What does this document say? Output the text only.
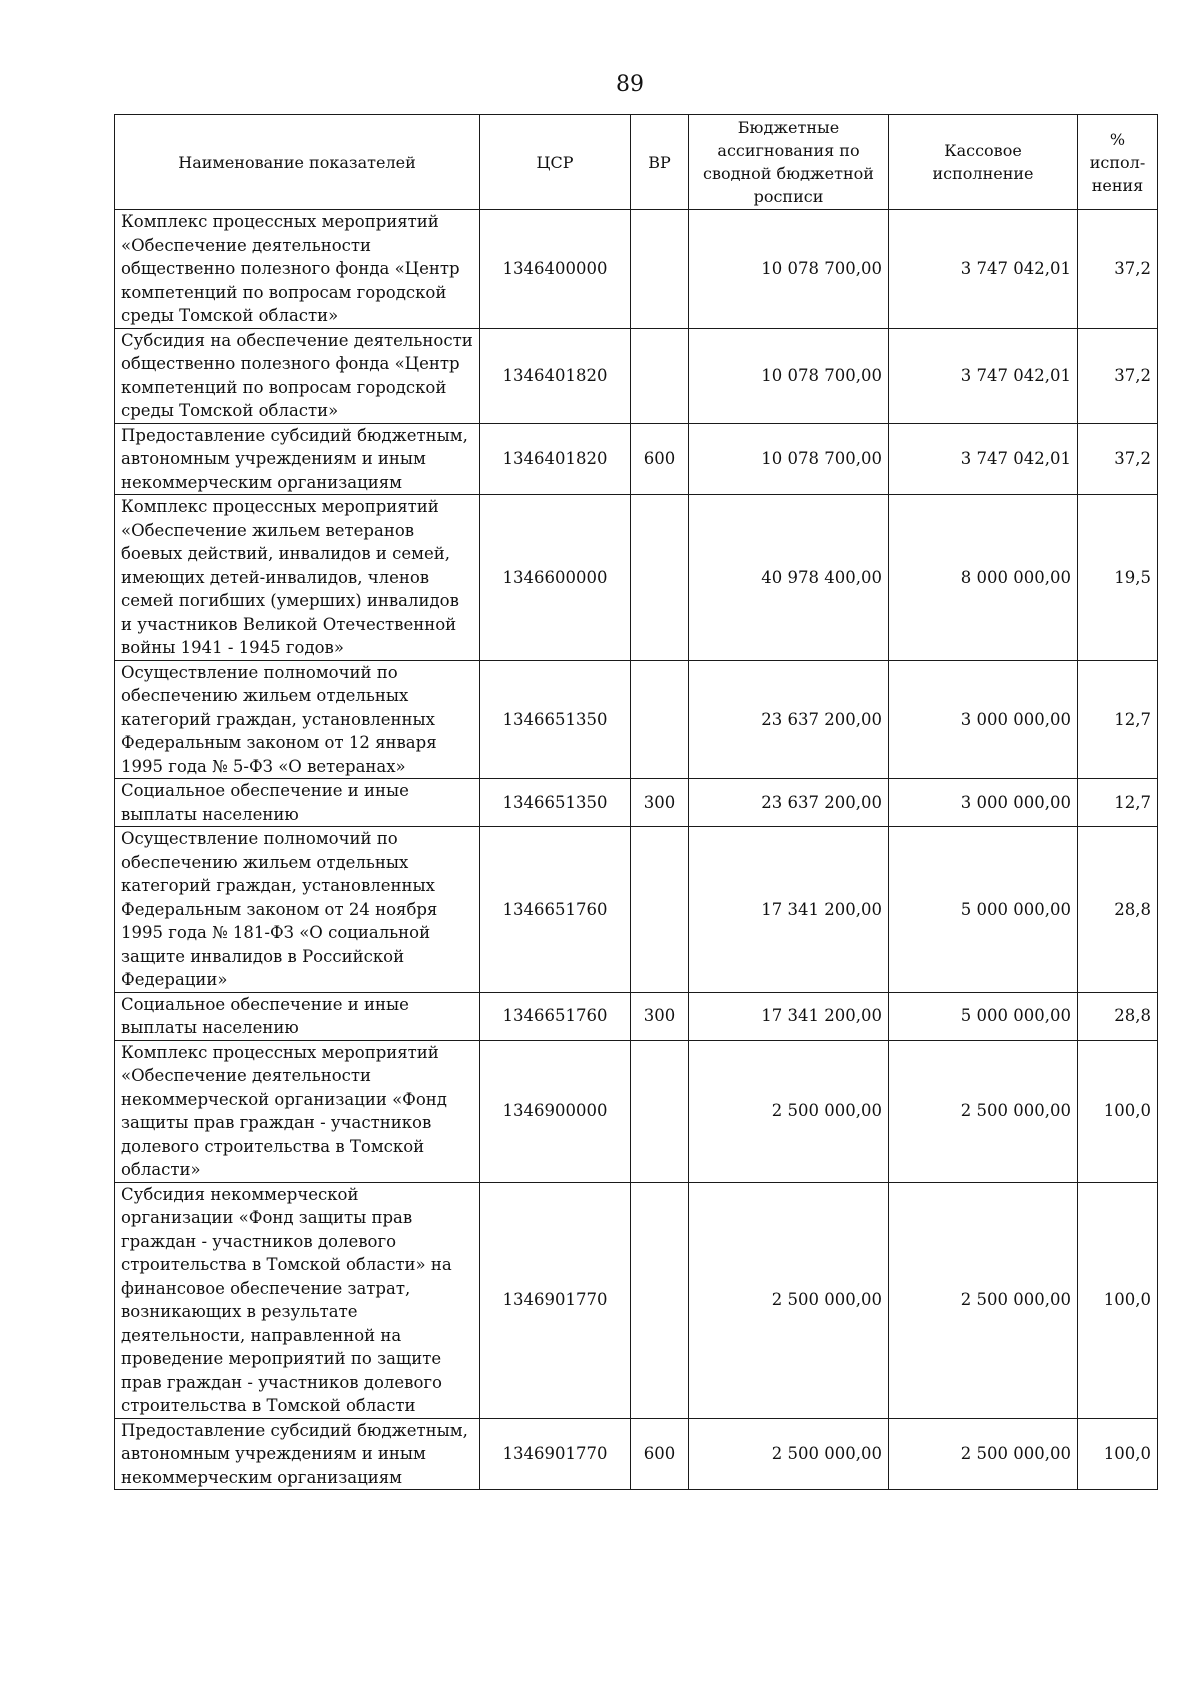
89
Наименование показателей	ЦСР	ВР	Бюджетные ассигнования по сводной бюджетной росписи	Кассовое исполнение	% испол-нения
Комплекс процессных мероприятий «Обеспечение деятельности общественно полезного фонда «Центр компетенций по вопросам городской среды Томской области»	1346400000		10 078 700,00	3 747 042,01	37,2
Субсидия на обеспечение деятельности общественно полезного фонда «Центр компетенций по вопросам городской среды Томской области»	1346401820		10 078 700,00	3 747 042,01	37,2
Предоставление субсидий бюджетным, автономным учреждениям и иным некоммерческим организациям	1346401820	600	10 078 700,00	3 747 042,01	37,2
Комплекс процессных мероприятий «Обеспечение жильем ветеранов боевых действий, инвалидов и семей, имеющих детей-инвалидов, членов семей погибших (умерших) инвалидов и участников Великой Отечественной войны 1941 - 1945 годов»	1346600000		40 978 400,00	8 000 000,00	19,5
Осуществление полномочий по обеспечению жильем отдельных категорий граждан, установленных Федеральным законом от 12 января 1995 года № 5-ФЗ «О ветеранах»	1346651350		23 637 200,00	3 000 000,00	12,7
Социальное обеспечение и иные выплаты населению	1346651350	300	23 637 200,00	3 000 000,00	12,7
Осуществление полномочий по обеспечению жильем отдельных категорий граждан, установленных Федеральным законом от 24 ноября 1995 года № 181-ФЗ «О социальной защите инвалидов в Российской Федерации»	1346651760		17 341 200,00	5 000 000,00	28,8
Социальное обеспечение и иные выплаты населению	1346651760	300	17 341 200,00	5 000 000,00	28,8
Комплекс процессных мероприятий «Обеспечение деятельности некоммерческой организации «Фонд защиты прав граждан - участников долевого строительства в Томской области»	1346900000		2 500 000,00	2 500 000,00	100,0
Субсидия некоммерческой организации «Фонд защиты прав граждан - участников долевого строительства в Томской области» на финансовое обеспечение затрат, возникающих в результате деятельности, направленной на проведение мероприятий по защите прав граждан - участников долевого строительства в Томской области	1346901770		2 500 000,00	2 500 000,00	100,0
Предоставление субсидий бюджетным, автономным учреждениям и иным некоммерческим организациям	1346901770	600	2 500 000,00	2 500 000,00	100,0
